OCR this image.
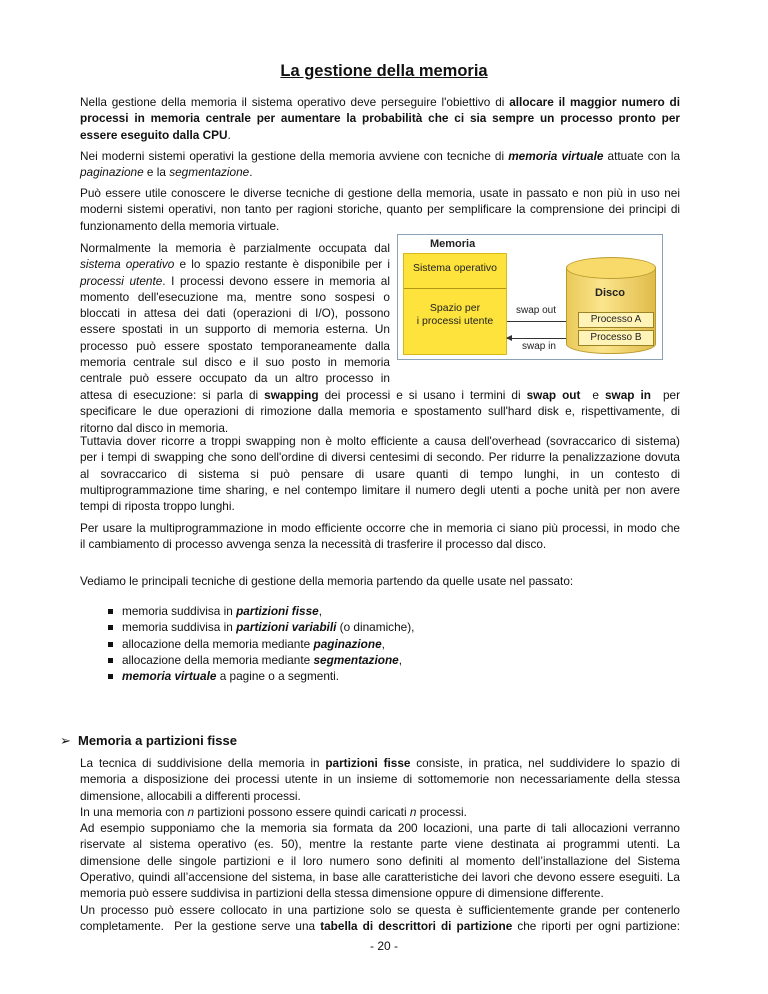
La gestione della memoria
Nella gestione della memoria il sistema operativo deve perseguire l'obiettivo di allocare il maggior numero di
processi in memoria centrale per aumentare la probabilità che ci sia sempre un processo pronto per
essere eseguito dalla CPU.
Nei moderni sistemi operativi la gestione della memoria avviene con tecniche di memoria virtuale attuate con la
paginazione e la segmentazione.
Può essere utile conoscere le diverse tecniche di gestione della memoria, usate in passato e non più in uso nei
moderni sistemi operativi, non tanto per ragioni storiche, quanto per semplificare la comprensione dei principi di
funzionamento della memoria virtuale.
Normalmente la memoria è parzialmente occupata dal
sistema operativo e lo spazio restante è disponibile per i
processi utente. I processi devono essere in memoria al
momento dell'esecuzione ma, mentre sono sospesi o
bloccati in attesa dei dati (operazioni di I/O), possono
essere spostati in un supporto di memoria esterna. Un
processo può essere spostato temporaneamente dalla
memoria centrale sul disco e il suo posto in memoria
centrale può essere occupato da un altro processo in
attesa di esecuzione: si parla di swapping dei processi e si usano i termini di swap out  e swap in  per
specificare le due operazioni di rimozione dalla memoria e spostamento sull'hard disk e, rispettivamente, di
ritorno dal disco in memoria.
Memoria
Sistema operativo
Spazio per
i processi utente
swap out
swap in
Disco
Processo A
Processo B
Tuttavia dover ricorre a troppi swapping non è molto efficiente a causa dell'overhead (sovraccarico di sistema)
per i tempi di swapping che sono dell'ordine di diversi centesimi di secondo. Per ridurre la penalizzazione dovuta
al sovraccarico di sistema si può pensare di usare quanti di tempo lunghi, in un contesto di
multiprogrammazione time sharing, e nel contempo limitare il numero degli utenti a poche unità per non avere
tempi di riposta troppo lunghi.
Per usare la multiprogrammazione in modo efficiente occorre che in memoria ci siano più processi, in modo che
il cambiamento di processo avvenga senza la necessità di trasferire il processo dal disco.
Vediamo le principali tecniche di gestione della memoria partendo da quelle usate nel passato:
memoria suddivisa in partizioni fisse,
memoria suddivisa in partizioni variabili (o dinamiche),
allocazione della memoria mediante paginazione,
allocazione della memoria mediante segmentazione,
memoria virtuale a pagine o a segmenti.
➢ Memoria a partizioni fisse
La tecnica di suddivisione della memoria in partizioni fisse consiste, in pratica, nel suddividere lo spazio di
memoria a disposizione dei processi utente in un insieme di sottomemorie non necessariamente della stessa
dimensione, allocabili a differenti processi.
In una memoria con n partizioni possono essere quindi caricati n processi.
Ad esempio supponiamo che la memoria sia formata da 200 locazioni, una parte di tali allocazioni verranno
riservate al sistema operativo (es. 50), mentre la restante parte viene destinata ai programmi utenti. La
dimensione delle singole partizioni e il loro numero sono definiti al momento dell’installazione del Sistema
Operativo, quindi all’accensione del sistema, in base alle caratteristiche dei lavori che devono essere eseguiti. La
memoria può essere suddivisa in partizioni della stessa dimensione oppure di dimensione differente.
Un processo può essere collocato in una partizione solo se questa è sufficientemente grande per contenerlo
completamente.  Per la gestione serve una tabella di descrittori di partizione che riporti per ogni partizione:
- 20 -
